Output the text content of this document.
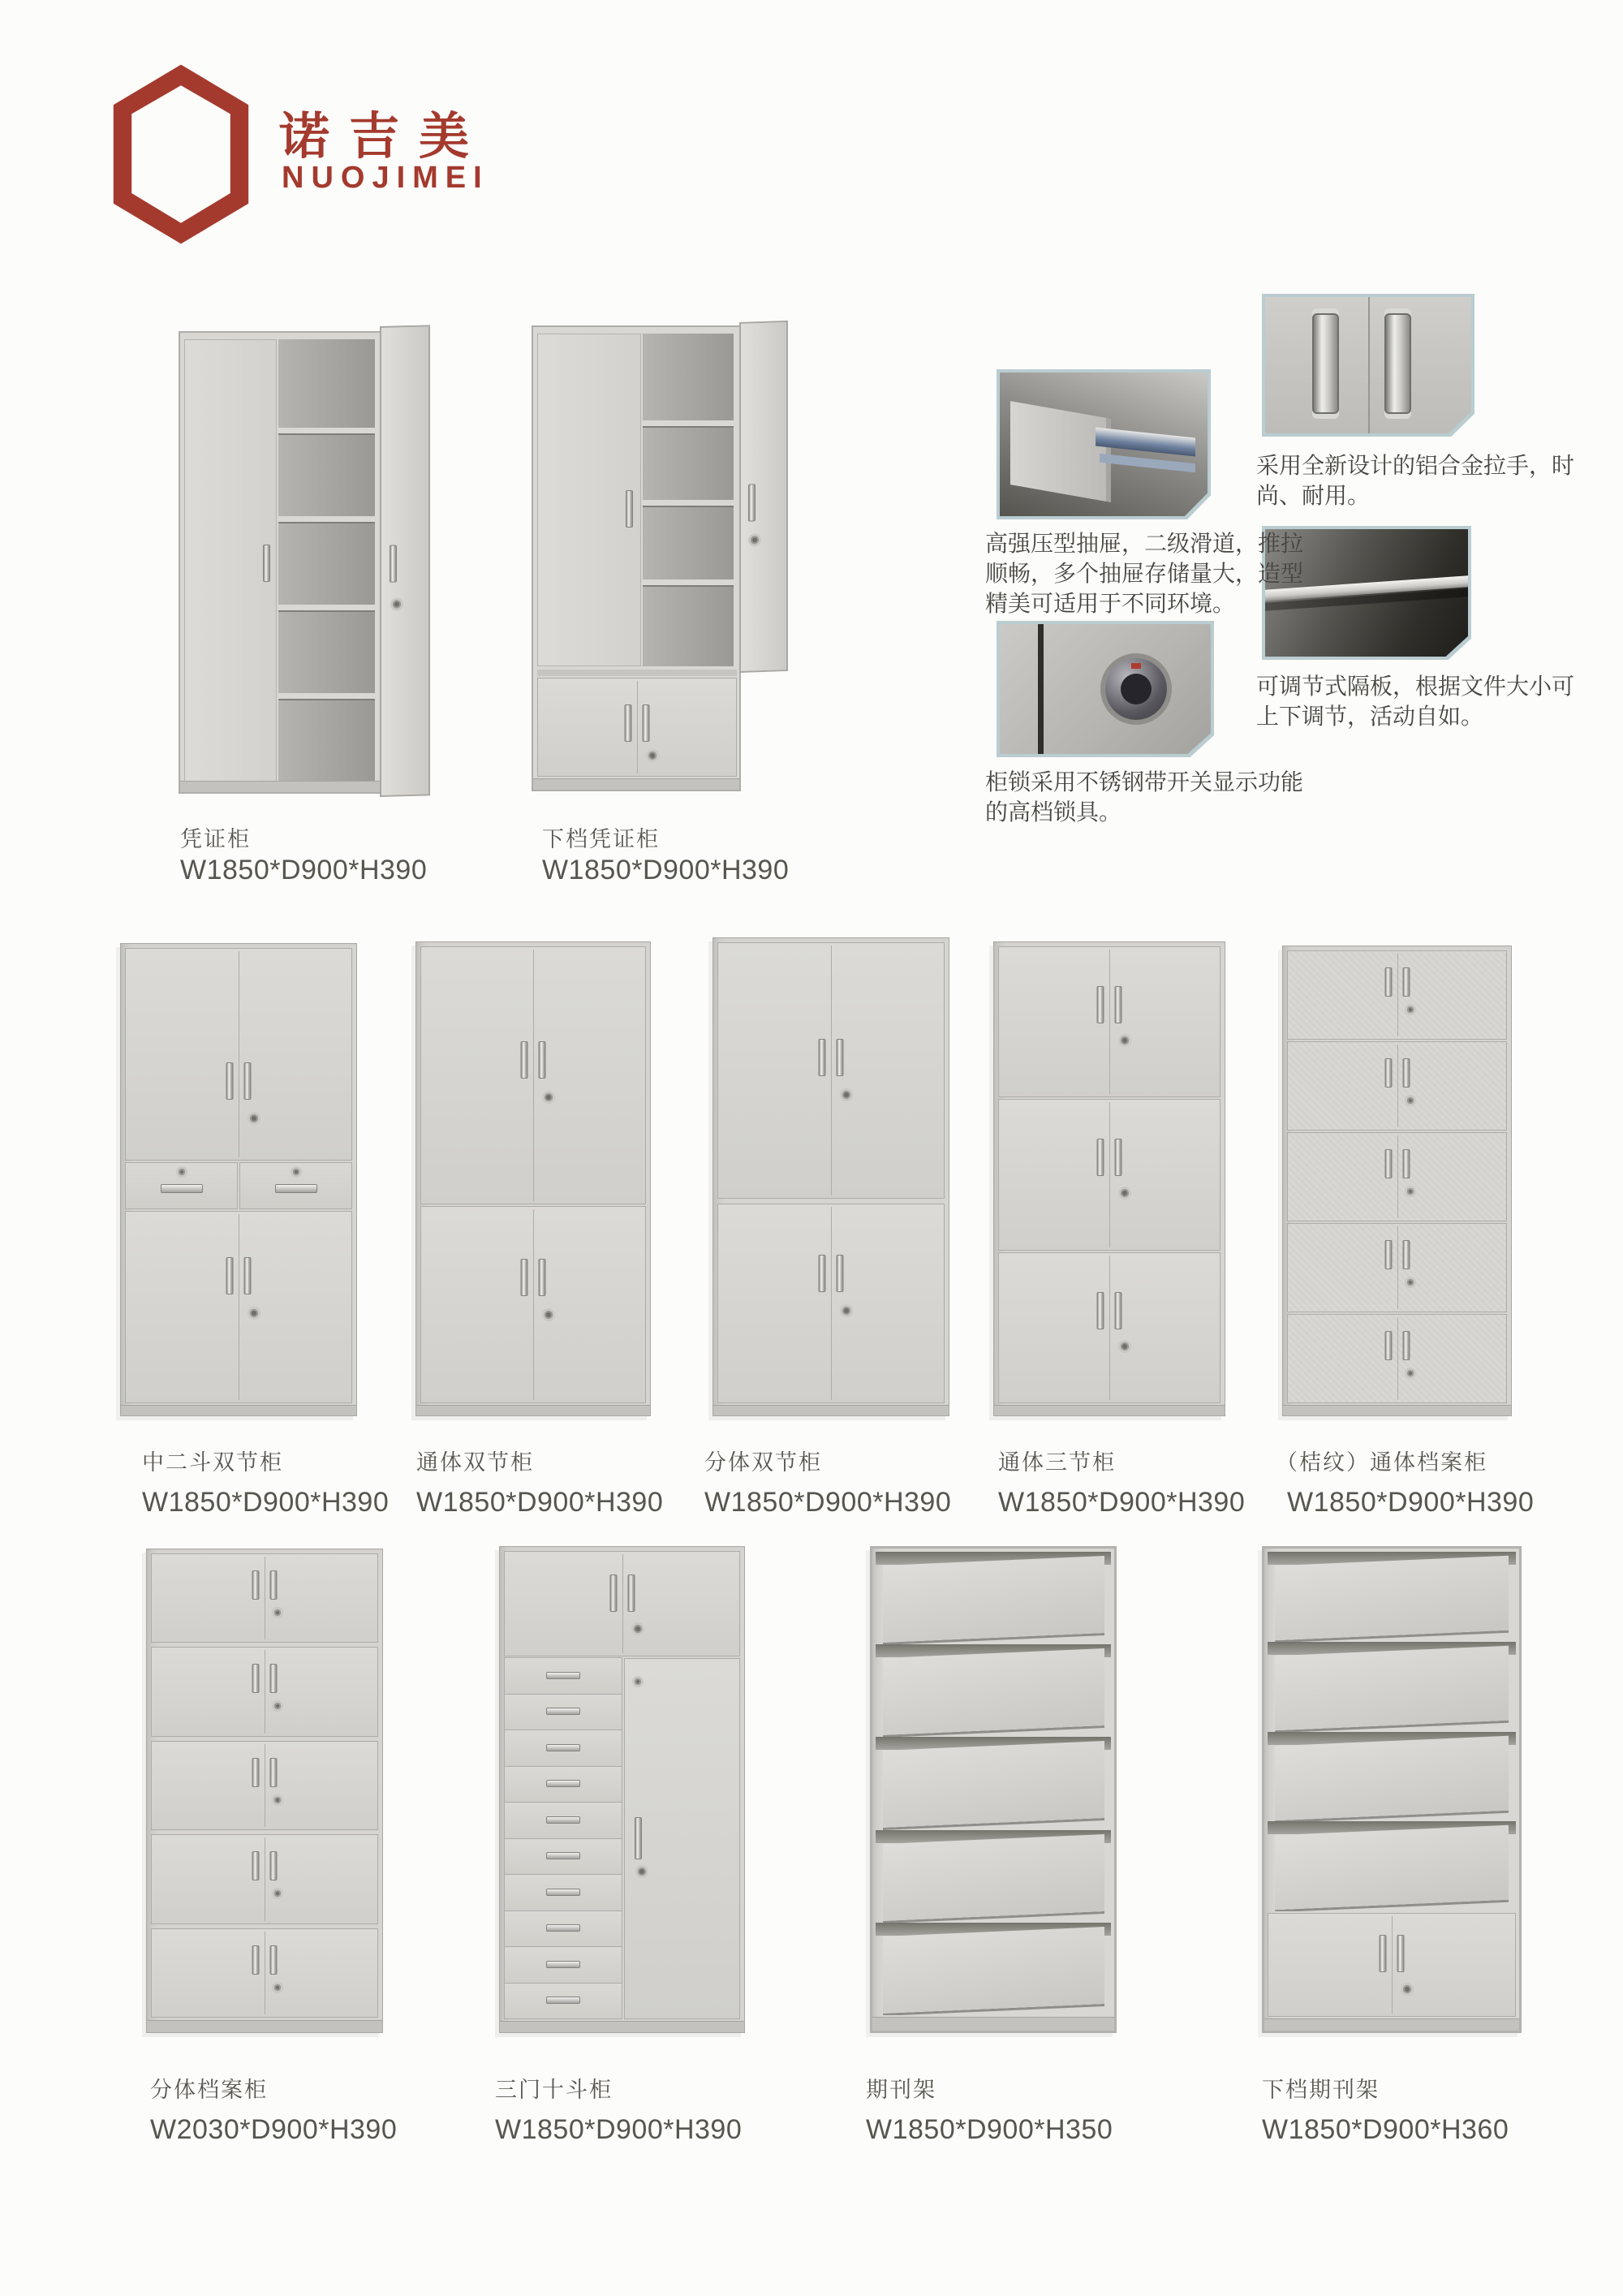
诺吉美
NUOJIMEI
凭证柜
W1850*D900*H390
下档凭证柜
W1850*D900*H390
高强压型抽屉，二级滑道，推拉顺畅，多个抽屉存储量大，造型精美可适用于不同环境。
采用全新设计的铝合金拉手，时尚、耐用。
可调节式隔板，根据文件大小可上下调节，活动自如。
柜锁采用不锈钢带开关显示功能的高档锁具。
中二斗双节柜
W1850*D900*H390
通体双节柜
W1850*D900*H390
分体双节柜
W1850*D900*H390
通体三节柜
W1850*D900*H390
（桔纹）通体档案柜
W1850*D900*H390
分体档案柜
W2030*D900*H390
三门十斗柜
W1850*D900*H390
期刊架
W1850*D900*H350
下档期刊架
W1850*D900*H360
